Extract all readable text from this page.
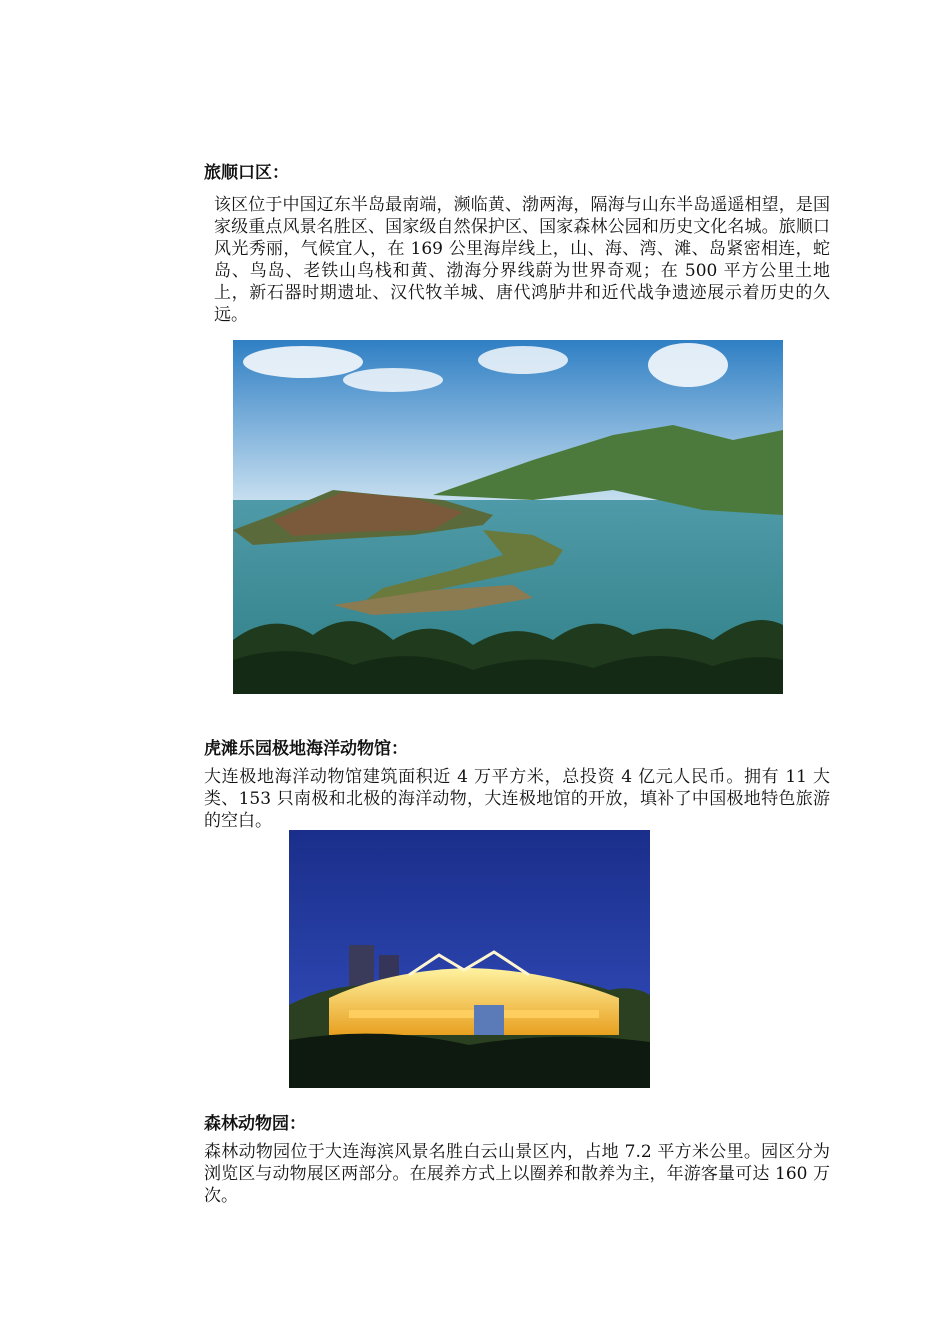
旅顺口区：

该区位于中国辽东半岛最南端，濒临黄、渤两海，隔海与山东半岛遥遥相望，是国家级重点风景名胜区、国家级自然保护区、国家森林公园和历史文化名城。旅顺口风光秀丽，气候宜人，在 169 公里海岸线上，山、海、湾、滩、岛紧密相连，蛇岛、鸟岛、老铁山鸟栈和黄、渤海分界线蔚为世界奇观；在 500 平方公里土地上，新石器时期遗址、汉代牧羊城、唐代鸿胪井和近代战争遗迹展示着历史的久远。

虎滩乐园极地海洋动物馆：

大连极地海洋动物馆建筑面积近 4 万平方米，总投资 4 亿元人民币。拥有 11 大类、153 只南极和北极的海洋动物，大连极地馆的开放，填补了中国极地特色旅游的空白。

森林动物园：

森林动物园位于大连海滨风景名胜白云山景区内，占地 7.2 平方米公里。园区分为浏览区与动物展区两部分。在展养方式上以圈养和散养为主，年游客量可达 160 万次。
